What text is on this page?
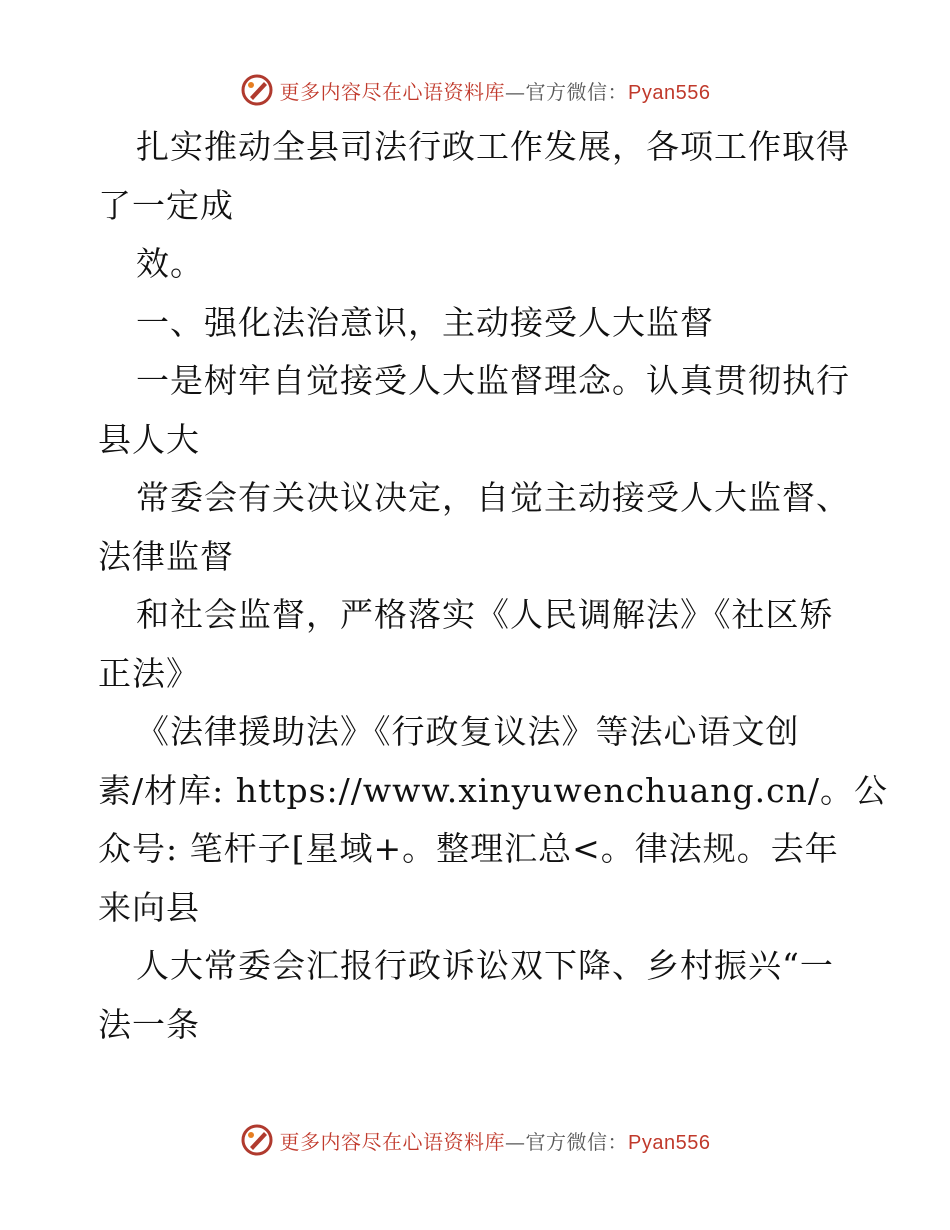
更多内容尽在心语资料库—官方微信：Pyan556
扎实推动全县司法行政工作发展，各项工作取得
了一定成
效。
一、强化法治意识，主动接受人大监督
一是树牢自觉接受人大监督理念。认真贯彻执行
县人大
常委会有关决议决定，自觉主动接受人大监督、
法律监督
和社会监督，严格落实《人民调解法》《社区矫
正法》
《法律援助法》《行政复议法》等法心语文创
素/材库: https://www.xinyuwenchuang.cn/。公
众号: 笔杆子[星域+。整理汇总<。律法规。去年
来向县
人大常委会汇报行政诉讼双下降、乡村振兴“一
法一条
更多内容尽在心语资料库—官方微信：Pyan556
